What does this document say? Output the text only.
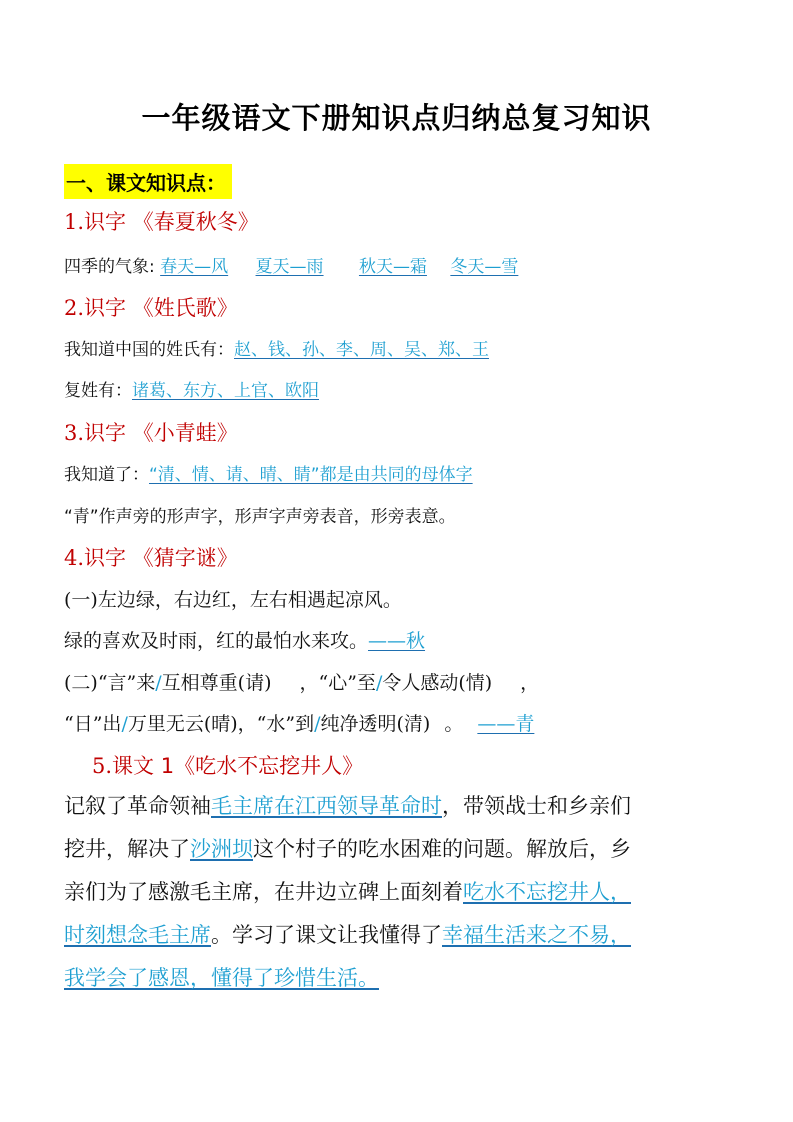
一年级语文下册知识点归纳总复习知识
一、课文知识点：
1.识字 《春夏秋冬》
四季的气象: 春天—风 夏天—雨 秋天—霜 冬天—雪
2.识字 《姓氏歌》
我知道中国的姓氏有：赵、钱、孙、李、周、吴、郑、王
复姓有：诸葛、东方、上官、欧阳
3.识字 《小青蛙》
我知道了：“清、情、请、晴、睛”都是由共同的母体字
“青”作声旁的形声字，形声字声旁表音，形旁表意。
4.识字 《猜字谜》
(一)左边绿，右边红，左右相遇起凉风。
绿的喜欢及时雨，红的最怕水来攻。——秋
(二)“言”来/互相尊重(请) ，“心”至/令人感动(情) ，
“日”出/万里无云(晴)，“水”到/纯净透明(清) 。 ——青
5.课文 1《吃水不忘挖井人》
记叙了革命领袖毛主席在江西领导革命时，带领战士和乡亲们
挖井，解决了沙洲坝这个村子的吃水困难的问题。解放后，乡
亲们为了感激毛主席，在井边立碑上面刻着吃水不忘挖井人，
时刻想念毛主席。学习了课文让我懂得了幸福生活来之不易，
我学会了感恩，懂得了珍惜生活。
